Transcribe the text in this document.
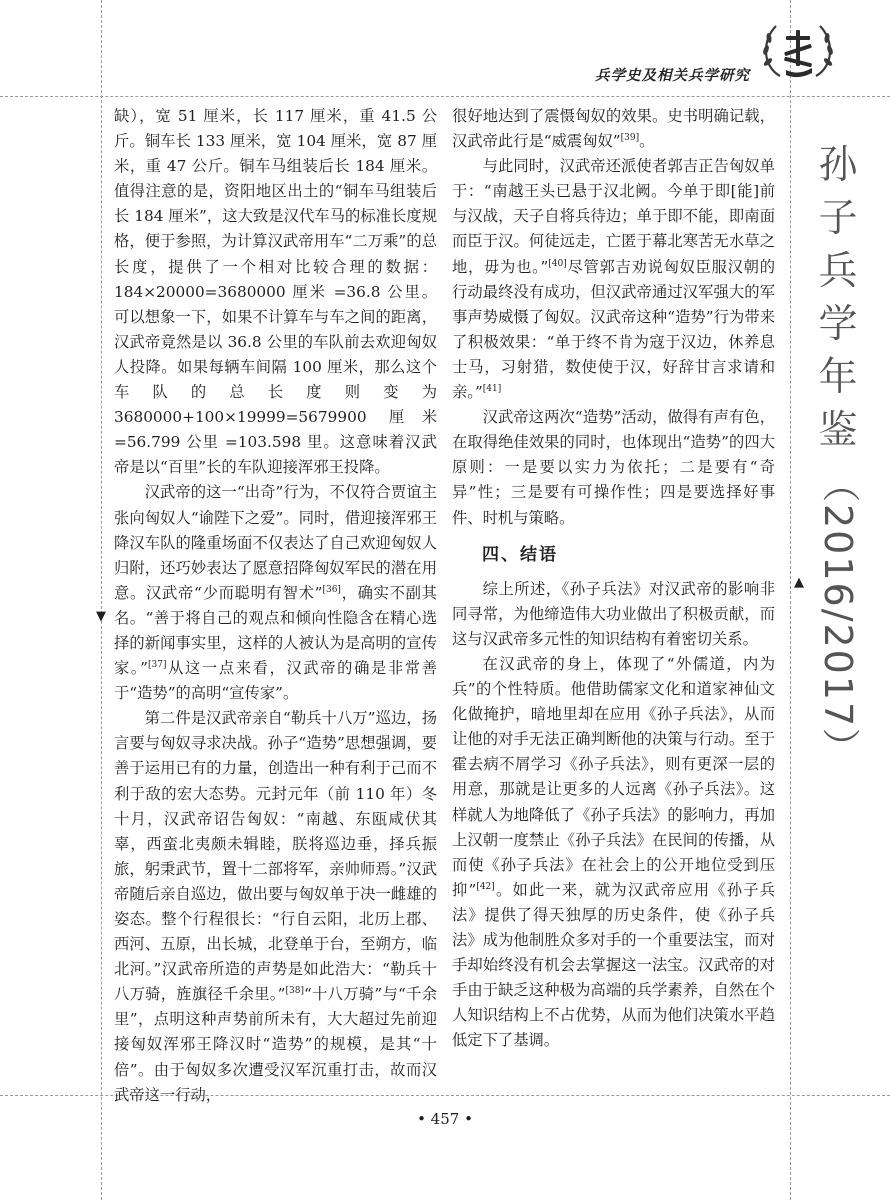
▼
▲
兵学史及相关兵学研究
孙
子
兵
学
年
鉴
（2016/2017）

缺），宽 51 厘米，长 117 厘米，重 41.5 公斤。铜车长 133 厘米，宽 104 厘米，宽 87 厘米，重 47 公斤。铜车马组装后长 184 厘米。值得注意的是，资阳地区出土的“铜车马组装后长 184 厘米”，这大致是汉代车马的标准长度规格，便于参照，为计算汉武帝用车“二万乘”的总长度，提供了一个相对比较合理的数据：184×20000=3680000 厘米 =36.8 公里。可以想象一下，如果不计算车与车之间的距离，汉武帝竟然是以 36.8 公里的车队前去欢迎匈奴人投降。如果每辆车间隔 100 厘米，那么这个车队的总长度则变为 3680000+100×19999=5679900 厘米 =56.799 公里 =103.598 里。这意味着汉武帝是以“百里”长的车队迎接浑邪王投降。

汉武帝的这一“出奇”行为，不仅符合贾谊主张向匈奴人“谕陛下之爱”。同时，借迎接浑邪王降汉车队的隆重场面不仅表达了自己欢迎匈奴人归附，还巧妙表达了愿意招降匈奴军民的潜在用意。汉武帝“少而聪明有智术”[36]，确实不副其名。“善于将自己的观点和倾向性隐含在精心选择的新闻事实里，这样的人被认为是高明的宣传家。”[37]从这一点来看，汉武帝的确是非常善于“造势”的高明“宣传家”。

第二件是汉武帝亲自“勒兵十八万”巡边，扬言要与匈奴寻求决战。孙子“造势”思想强调，要善于运用已有的力量，创造出一种有利于己而不利于敌的宏大态势。元封元年（前 110 年）冬十月，汉武帝诏告匈奴：“南越、东瓯咸伏其辜，西蛮北夷颇未辑睦，朕将巡边垂，择兵振旅，躬秉武节，置十二部将军，亲帅师焉。”汉武帝随后亲自巡边，做出要与匈奴单于决一雌雄的姿态。整个行程很长：“行自云阳，北历上郡、西河、五原，出长城，北登单于台，至朔方，临北河。”汉武帝所造的声势是如此浩大：“勒兵十八万骑，旌旗径千余里。”[38]“十八万骑”与“千余里”，点明这种声势前所未有，大大超过先前迎接匈奴浑邪王降汉时“造势”的规模，是其“十倍”。由于匈奴多次遭受汉军沉重打击，故而汉武帝这一行动，

很好地达到了震慑匈奴的效果。史书明确记载，汉武帝此行是“威震匈奴”[39]。

与此同时，汉武帝还派使者郭吉正告匈奴单于：“南越王头已悬于汉北阙。今单于即[能]前与汉战，天子自将兵待边；单于即不能，即南面而臣于汉。何徒远走，亡匿于幕北寒苦无水草之地，毋为也。”[40]尽管郭吉劝说匈奴臣服汉朝的行动最终没有成功，但汉武帝通过汉军强大的军事声势威慑了匈奴。汉武帝这种“造势”行为带来了积极效果：“单于终不肯为寇于汉边，休养息士马，习射猎，数使使于汉，好辞甘言求请和亲。”[41]

汉武帝这两次“造势”活动，做得有声有色，在取得绝佳效果的同时，也体现出“造势”的四大原则：一是要以实力为依托；二是要有“奇异”性；三是要有可操作性；四是要选择好事件、时机与策略。

四、结语

综上所述，《孙子兵法》对汉武帝的影响非同寻常，为他缔造伟大功业做出了积极贡献，而这与汉武帝多元性的知识结构有着密切关系。

在汉武帝的身上，体现了“外儒道，内为兵”的个性特质。他借助儒家文化和道家神仙文化做掩护，暗地里却在应用《孙子兵法》，从而让他的对手无法正确判断他的决策与行动。至于霍去病不屑学习《孙子兵法》，则有更深一层的用意，那就是让更多的人远离《孙子兵法》。这样就人为地降低了《孙子兵法》的影响力，再加上汉朝一度禁止《孙子兵法》在民间的传播，从而使《孙子兵法》在社会上的公开地位受到压抑”[42]。如此一来，就为汉武帝应用《孙子兵法》提供了得天独厚的历史条件，使《孙子兵法》成为他制胜众多对手的一个重要法宝，而对手却始终没有机会去掌握这一法宝。汉武帝的对手由于缺乏这种极为高端的兵学素养，自然在个人知识结构上不占优势，从而为他们决策水平趋低定下了基调。

• 457 •
